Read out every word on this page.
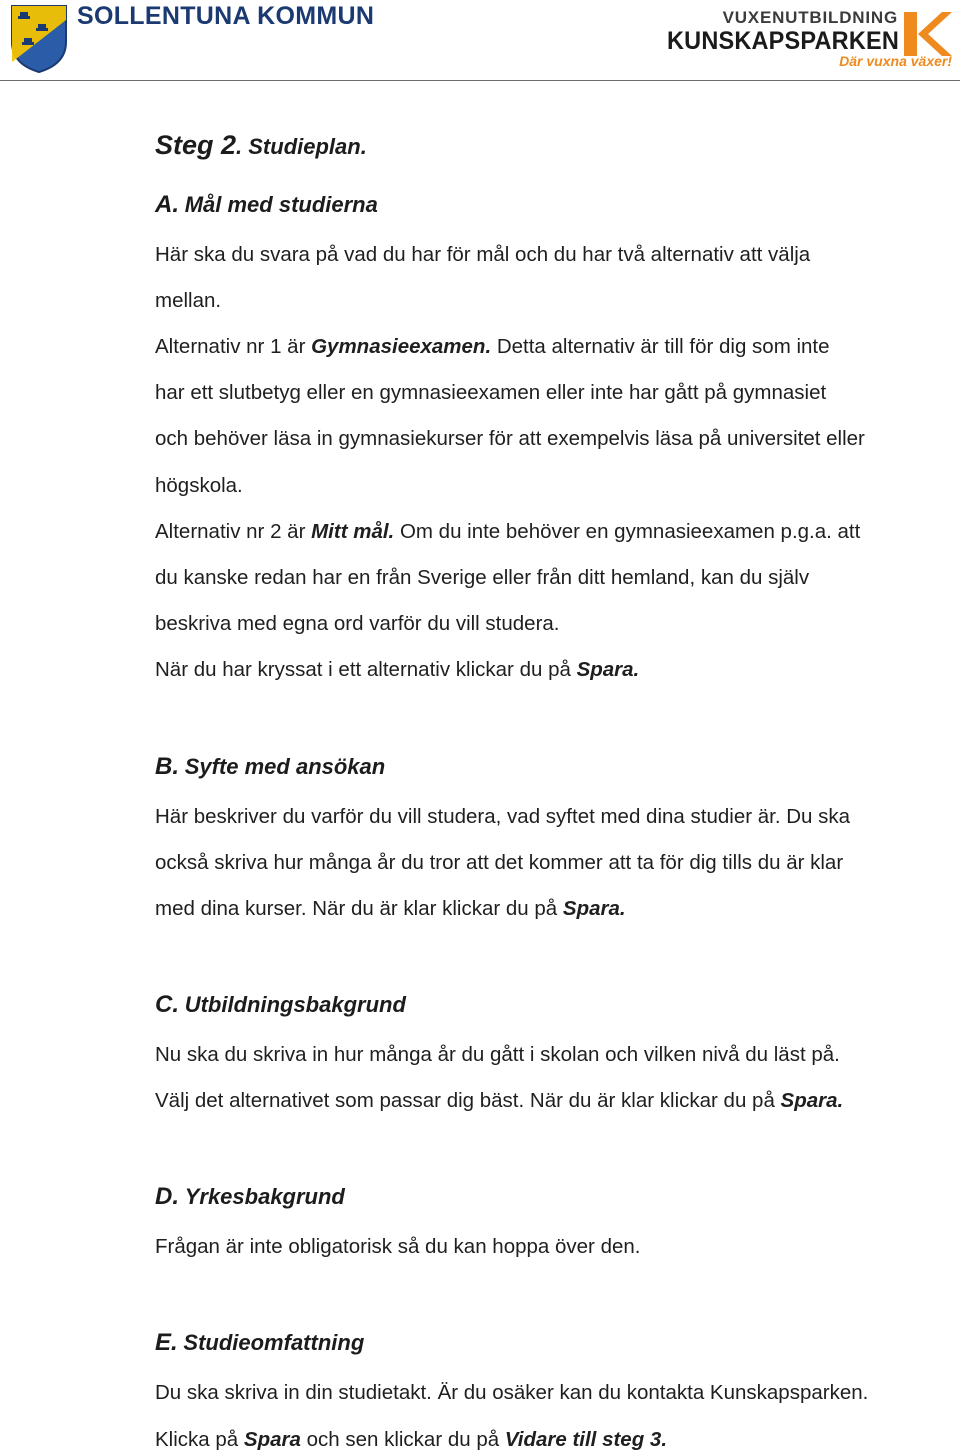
SOLLENTUNA KOMMUN	VUXENUTBILDNING
KUNSKAPSPARKEN
Där vuxna växer!
Steg 2. Studieplan.
A. Mål med studierna
Här ska du svara på vad du har för mål och du har två alternativ att välja
mellan.
Alternativ nr 1 är Gymnasieexamen. Detta alternativ är till för dig som inte
har ett slutbetyg eller en gymnasieexamen eller inte har gått på gymnasiet
och behöver läsa in gymnasiekurser för att exempelvis läsa på universitet eller
högskola.
Alternativ nr 2 är Mitt mål. Om du inte behöver en gymnasieexamen p.g.a. att
du kanske redan har en från Sverige eller från ditt hemland, kan du själv
beskriva med egna ord varför du vill studera.
När du har kryssat i ett alternativ klickar du på Spara.
B. Syfte med ansökan
Här beskriver du varför du vill studera, vad syftet med dina studier är. Du ska
också skriva hur många år du tror att det kommer att ta för dig tills du är klar
med dina kurser. När du är klar klickar du på Spara.
C. Utbildningsbakgrund
Nu ska du skriva in hur många år du gått i skolan och vilken nivå du läst på.
Välj det alternativet som passar dig bäst. När du är klar klickar du på Spara.
D. Yrkesbakgrund
Frågan är inte obligatorisk så du kan hoppa över den.
E. Studieomfattning
Du ska skriva in din studietakt. Är du osäker kan du kontakta Kunskapsparken.
Klicka på Spara och sen klickar du på Vidare till steg 3.
